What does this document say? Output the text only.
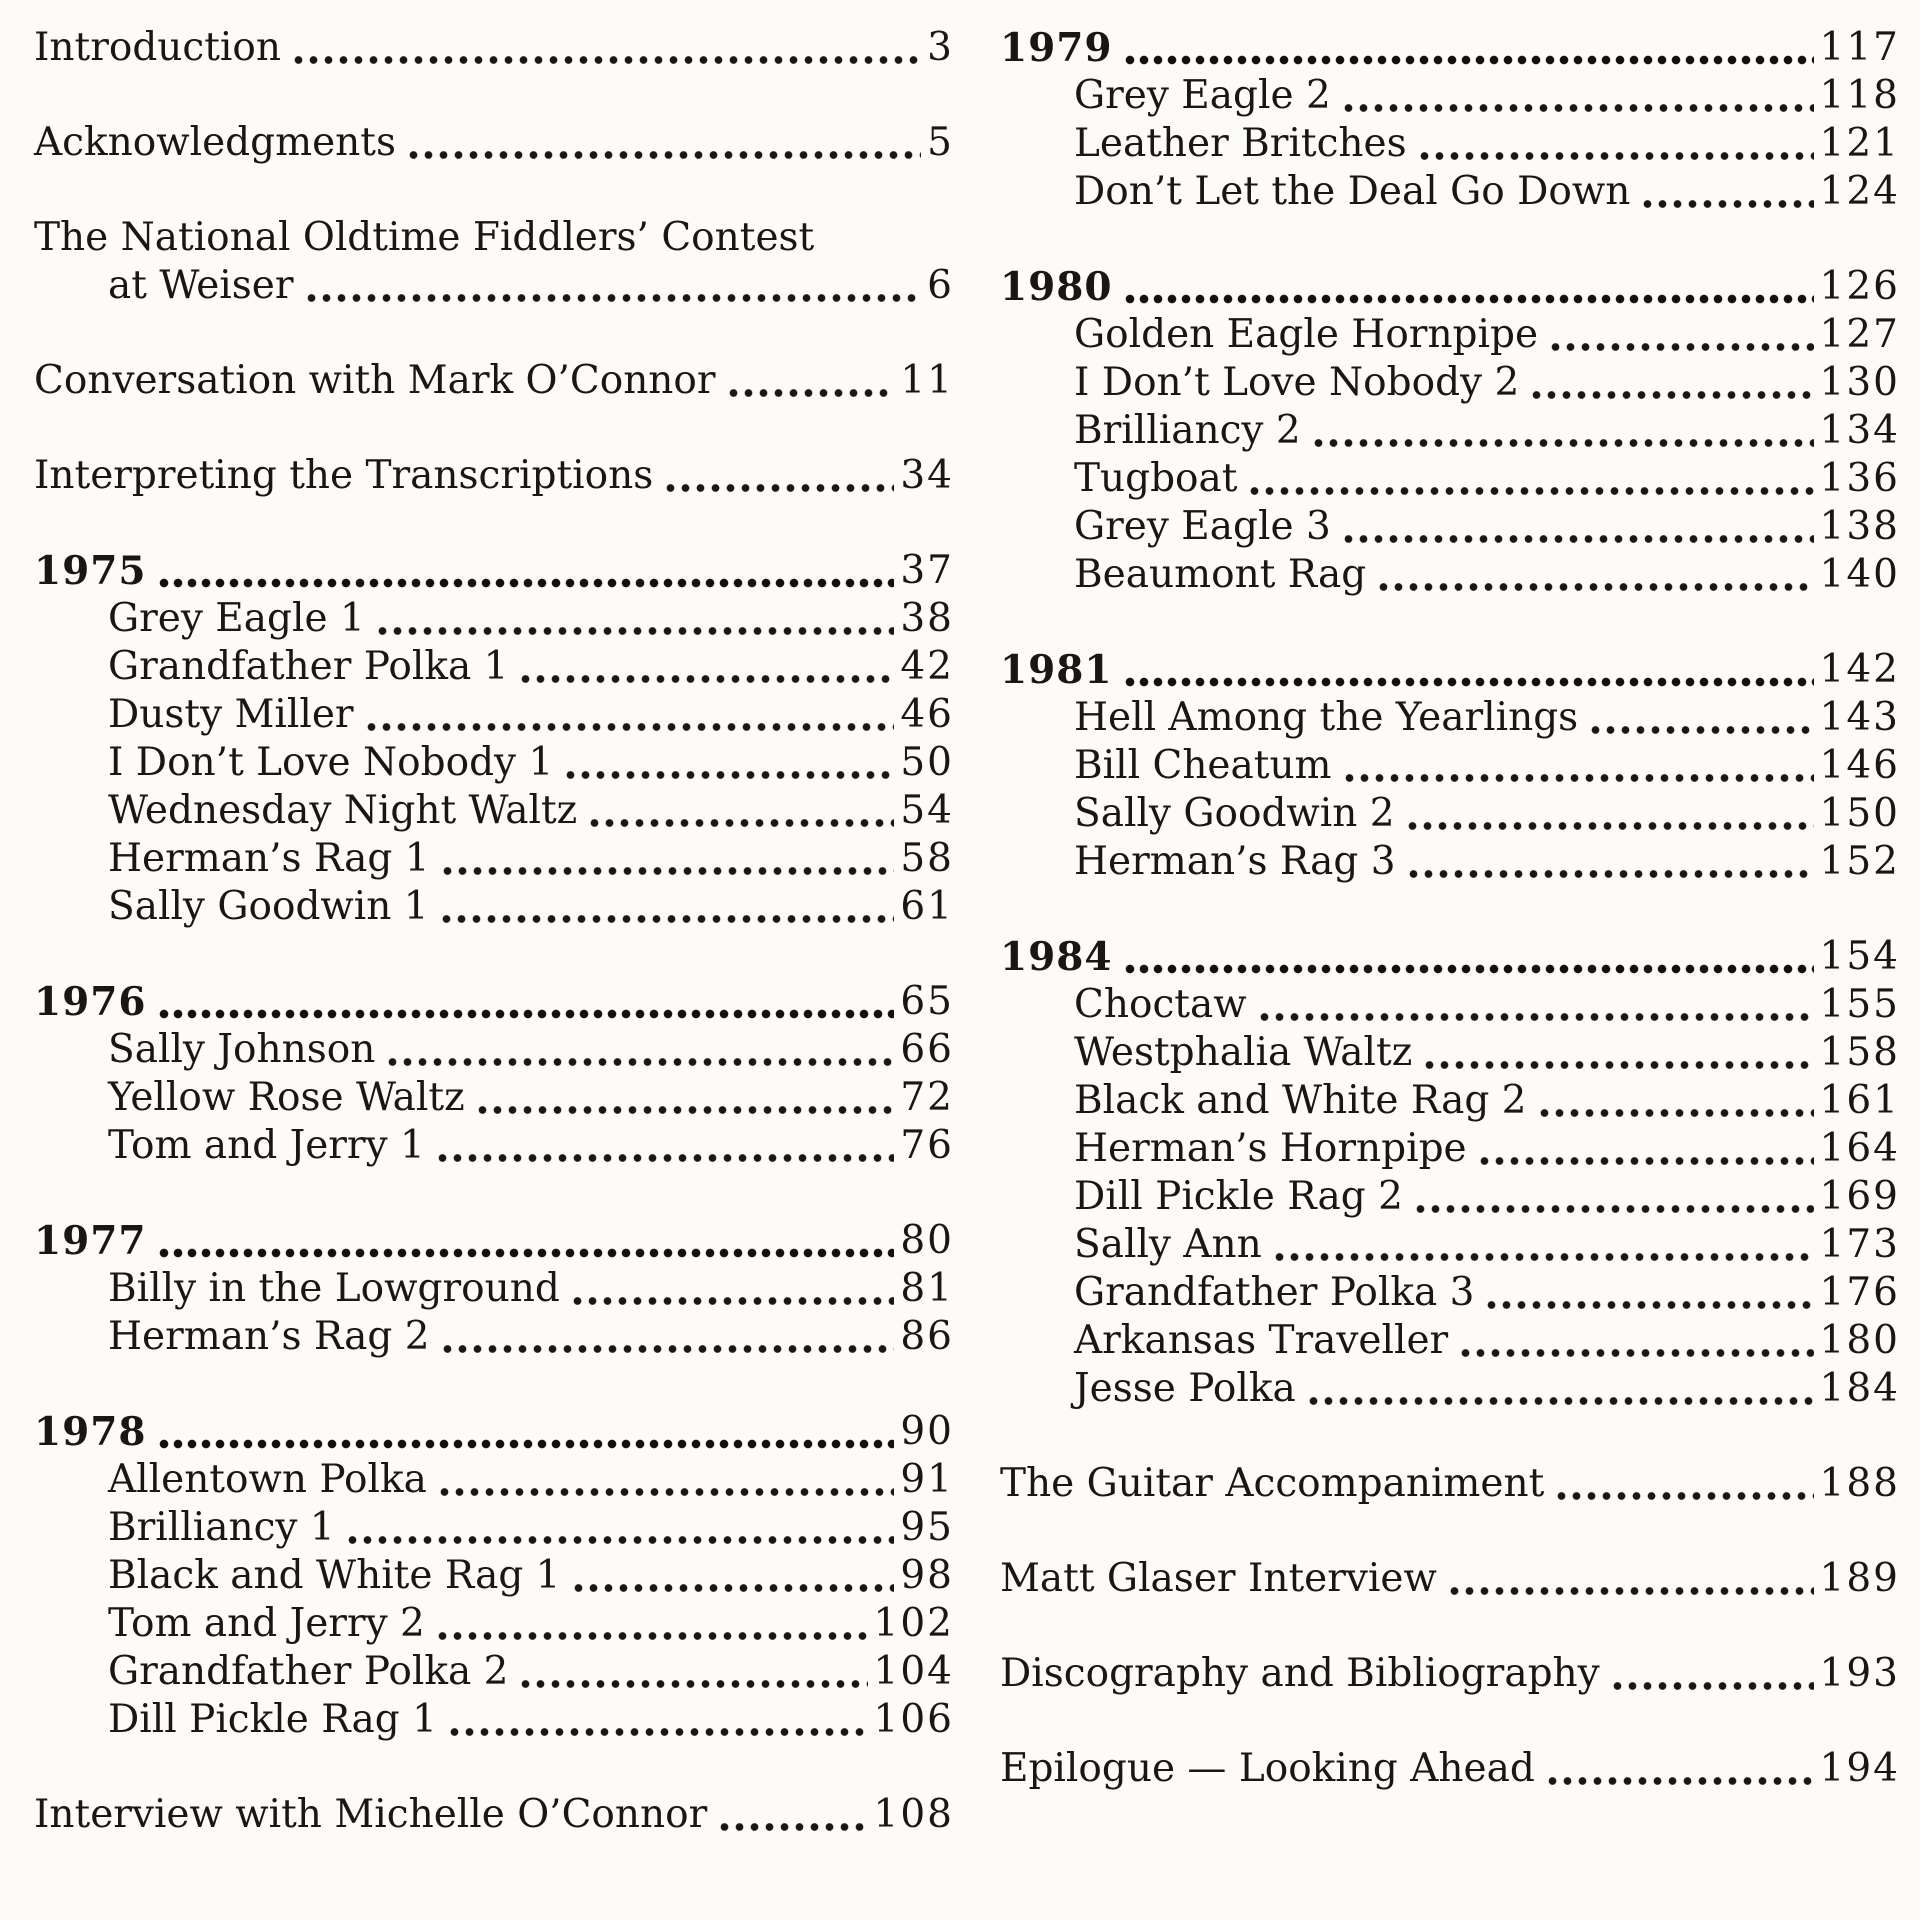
Introduction	3
Acknowledgments	5
The National Oldtime Fiddlers’ Contest
at Weiser	6
Conversation with Mark O’Connor	11
Interpreting the Transcriptions	34
1975	37
Grey Eagle 1	38
Grandfather Polka 1	42
Dusty Miller	46
I Don’t Love Nobody 1	50
Wednesday Night Waltz	54
Herman’s Rag 1	58
Sally Goodwin 1	61
1976	65
Sally Johnson	66
Yellow Rose Waltz	72
Tom and Jerry 1	76
1977	80
Billy in the Lowground	81
Herman’s Rag 2	86
1978	90
Allentown Polka	91
Brilliancy 1	95
Black and White Rag 1	98
Tom and Jerry 2	102
Grandfather Polka 2	104
Dill Pickle Rag 1	106
Interview with Michelle O’Connor	108
1979	117
Grey Eagle 2	118
Leather Britches	121
Don’t Let the Deal Go Down	124
1980	126
Golden Eagle Hornpipe	127
I Don’t Love Nobody 2	130
Brilliancy 2	134
Tugboat	136
Grey Eagle 3	138
Beaumont Rag	140
1981	142
Hell Among the Yearlings	143
Bill Cheatum	146
Sally Goodwin 2	150
Herman’s Rag 3	152
1984	154
Choctaw	155
Westphalia Waltz	158
Black and White Rag 2	161
Herman’s Hornpipe	164
Dill Pickle Rag 2	169
Sally Ann	173
Grandfather Polka 3	176
Arkansas Traveller	180
Jesse Polka	184
The Guitar Accompaniment	188
Matt Glaser Interview	189
Discography and Bibliography	193
Epilogue — Looking Ahead	194
